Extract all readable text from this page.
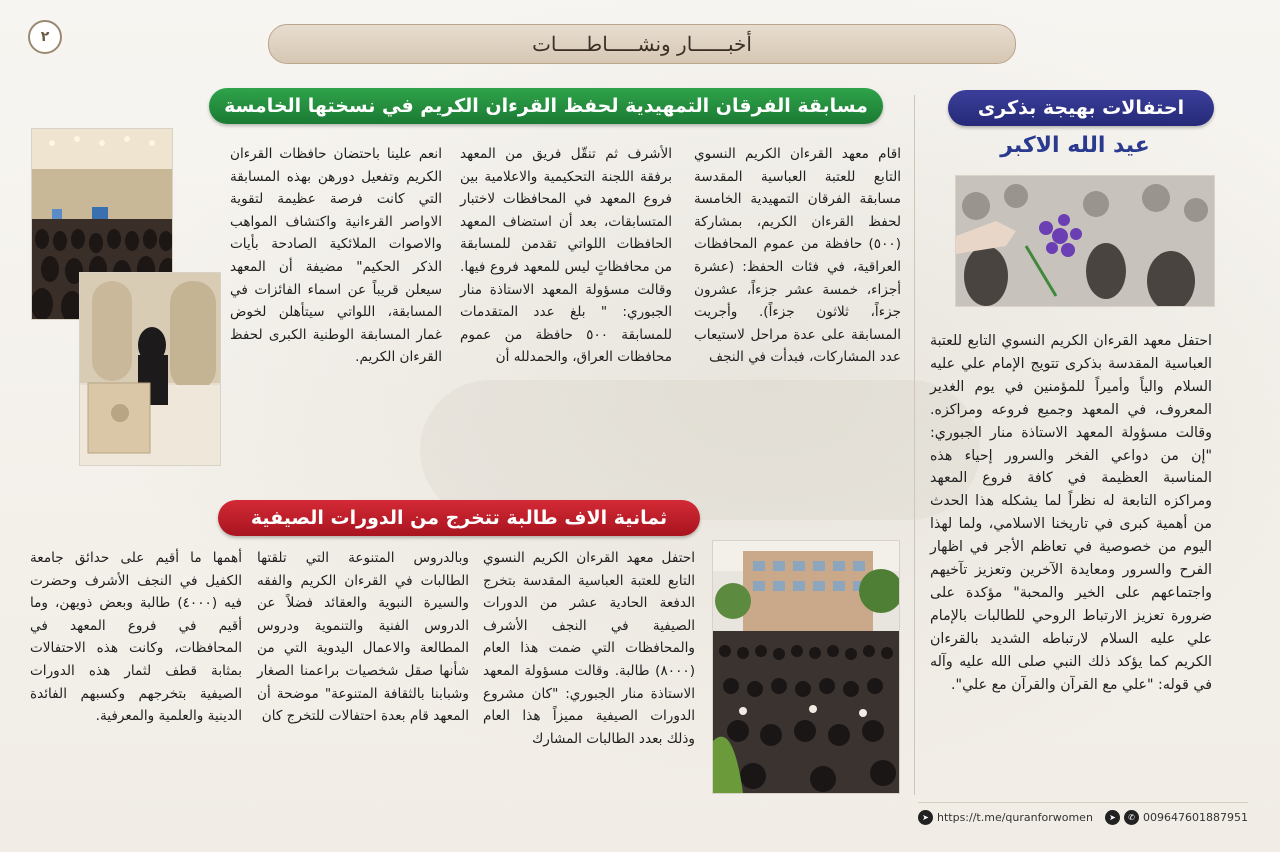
٢	أخبــــــار ونشـــــاطـــــات
مسابقة الفرقان التمهيدية لحفظ القرءان الكريم في نسختها الخامسة

اقام معهد القرءان الكريم النسوي التابع للعتبة العباسية المقدسة مسابقة الفرقان التمهيدية الخامسة لحفظ القرءان الكريم، بمشاركة (٥٠٠) حافظة من عموم المحافظات العراقية، في فئات الحفظ: (عشرة أجزاء، خمسة عشر جزءاً، عشرون جزءاً، ثلاثون جزءاً). وأجريت المسابقة على عدة مراحل لاستيعاب عدد المشاركات، فبدأت في النجف

الأشرف ثم تنقّل فريق من المعهد برفقة اللجنة التحكيمية والاعلامية بين فروع المعهد في المحافظات لاختبار المتسابقات، بعد أن استضاف المعهد الحافظات اللواتي تقدمن للمسابقة من محافظاتٍ ليس للمعهد فروع فيها. وقالت مسؤولة المعهد الاستاذة منار الجبوري: " بلغ عدد المتقدمات للمسابقة ٥٠٠ حافظة من عموم محافظات العراق، والحمدلله أن

انعم علينا باحتضان حافظات القرءان الكريم وتفعيل دورهن بهذه المسابقة التي كانت فرصة عظيمة لتقوية الاواصر القرءانية واكتشاف المواهب والاصوات الملائكية الصادحة بأيات الذكر الحكيم" مضيفة أن المعهد سيعلن قريباً عن اسماء الفائزات في المسابقة، اللواتي سيتأهلن لخوض غمار المسابقة الوطنية الكبرى لحفظ القرءان الكريم.

احتفالات بهيجة بذكرى
عيد الله الاكبر

احتفل معهد القرءان الكريم النسوي التابع للعتبة العباسية المقدسة بذكرى تتويج الإمام علي عليه السلام والياً وأميراً للمؤمنين في يوم الغدير المعروف، في المعهد وجميع فروعه ومراكزه. وقالت مسؤولة المعهد الاستاذة منار الجبوري: "إن من دواعي الفخر والسرور إحياء هذه المناسبة العظيمة في كافة فروع المعهد ومراكزه التابعة له نظراً لما يشكله هذا الحدث من أهمية كبرى في تاريخنا الاسلامي، ولما لهذا اليوم من خصوصية في تعاظم الأجر في اظهار الفرح والسرور ومعايدة الآخرين وتعزيز تآخيهم واجتماعهم على الخير والمحبة" مؤكدة على ضرورة تعزيز الارتباط الروحي للطالبات بالإمام علي عليه السلام لارتباطه الشديد بالقرءان الكريم كما يؤكد ذلك النبي صلى الله عليه وآله في قوله: "علي مع القرآن والقرآن مع علي".

ثمانية الاف طالبة تتخرج من الدورات الصيفية

احتفل معهد القرءان الكريم النسوي التابع للعتبة العباسية المقدسة بتخرج الدفعة الحادية عشر من الدورات الصيفية في النجف الأشرف والمحافظات التي ضمت هذا العام (٨٠٠٠) طالبة. وقالت مسؤولة المعهد الاستاذة منار الجبوري: "كان مشروع الدورات الصيفية مميزاً هذا العام وذلك بعدد الطالبات المشارك

وبالدروس المتنوعة التي تلقتها الطالبات في القرءان الكريم والفقه والسيرة النبوية والعقائد فضلاً عن الدروس الفنية والتنموية ودروس المطالعة والاعمال اليدوية التي من شأنها صقل شخصيات براعمنا الصغار وشبابنا بالثقافة المتنوعة" موضحة أن المعهد قام بعدة احتفالات للتخرج كان

أهمها ما أقيم على حدائق جامعة الكفيل في النجف الأشرف وحضرت فيه (٤٠٠٠) طالبة وبعض ذويهن، وما أقيم في فروع المعهد في المحافظات، وكانت هذه الاحتفالات بمثابة قطف لثمار هذه الدورات الصيفية بتخرجهم وكسبهم الفائدة الدينية والعلمية والمعرفية.

➤ https://t.me/quranforwomen	➤	✆ 009647601887951
